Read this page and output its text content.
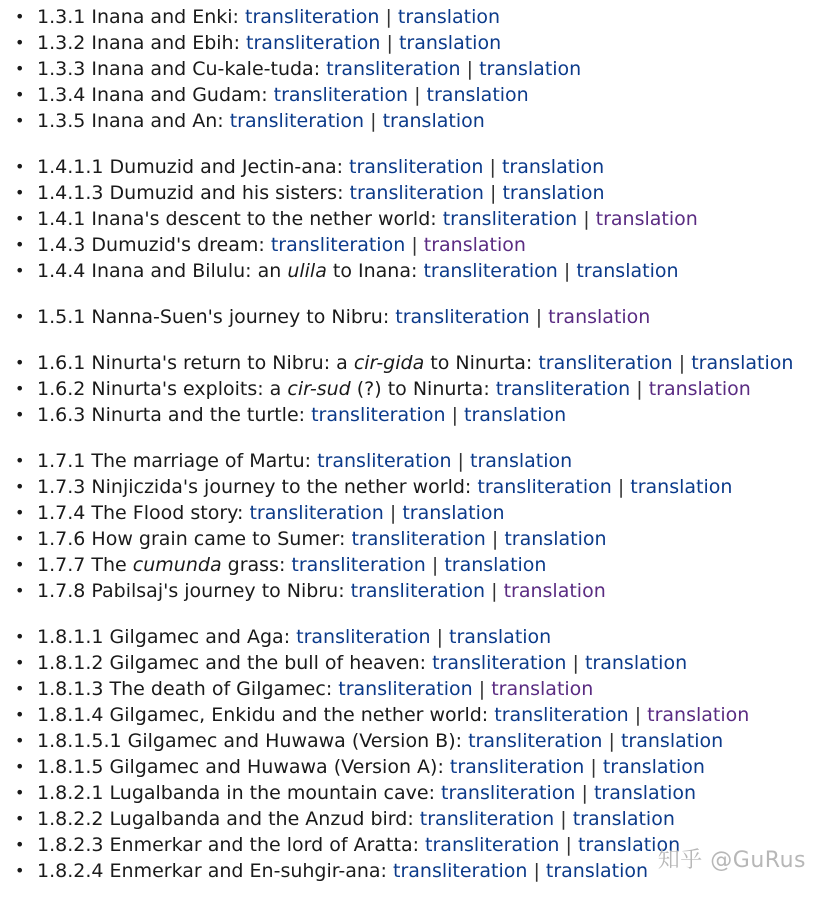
• 1.3.1 Inana and Enki: transliteration | translation
• 1.3.2 Inana and Ebih: transliteration | translation
• 1.3.3 Inana and Cu-kale-tuda: transliteration | translation
• 1.3.4 Inana and Gudam: transliteration | translation
• 1.3.5 Inana and An: transliteration | translation
• 1.4.1.1 Dumuzid and Jectin-ana: transliteration | translation
• 1.4.1.3 Dumuzid and his sisters: transliteration | translation
• 1.4.1 Inana's descent to the nether world: transliteration | translation
• 1.4.3 Dumuzid's dream: transliteration | translation
• 1.4.4 Inana and Bilulu: an ulila to Inana: transliteration | translation
• 1.5.1 Nanna-Suen's journey to Nibru: transliteration | translation
• 1.6.1 Ninurta's return to Nibru: a cir-gida to Ninurta: transliteration | translation
• 1.6.2 Ninurta's exploits: a cir-sud (?) to Ninurta: transliteration | translation
• 1.6.3 Ninurta and the turtle: transliteration | translation
• 1.7.1 The marriage of Martu: transliteration | translation
• 1.7.3 Ninjiczida's journey to the nether world: transliteration | translation
• 1.7.4 The Flood story: transliteration | translation
• 1.7.6 How grain came to Sumer: transliteration | translation
• 1.7.7 The cumunda grass: transliteration | translation
• 1.7.8 Pabilsaj's journey to Nibru: transliteration | translation
• 1.8.1.1 Gilgamec and Aga: transliteration | translation
• 1.8.1.2 Gilgamec and the bull of heaven: transliteration | translation
• 1.8.1.3 The death of Gilgamec: transliteration | translation
• 1.8.1.4 Gilgamec, Enkidu and the nether world: transliteration | translation
• 1.8.1.5.1 Gilgamec and Huwawa (Version B): transliteration | translation
• 1.8.1.5 Gilgamec and Huwawa (Version A): transliteration | translation
• 1.8.2.1 Lugalbanda in the mountain cave: transliteration | translation
• 1.8.2.2 Lugalbanda and the Anzud bird: transliteration | translation
• 1.8.2.3 Enmerkar and the lord of Aratta: transliteration | translation
• 1.8.2.4 Enmerkar and En-suhgir-ana: transliteration | translation 知乎 @GuRus
